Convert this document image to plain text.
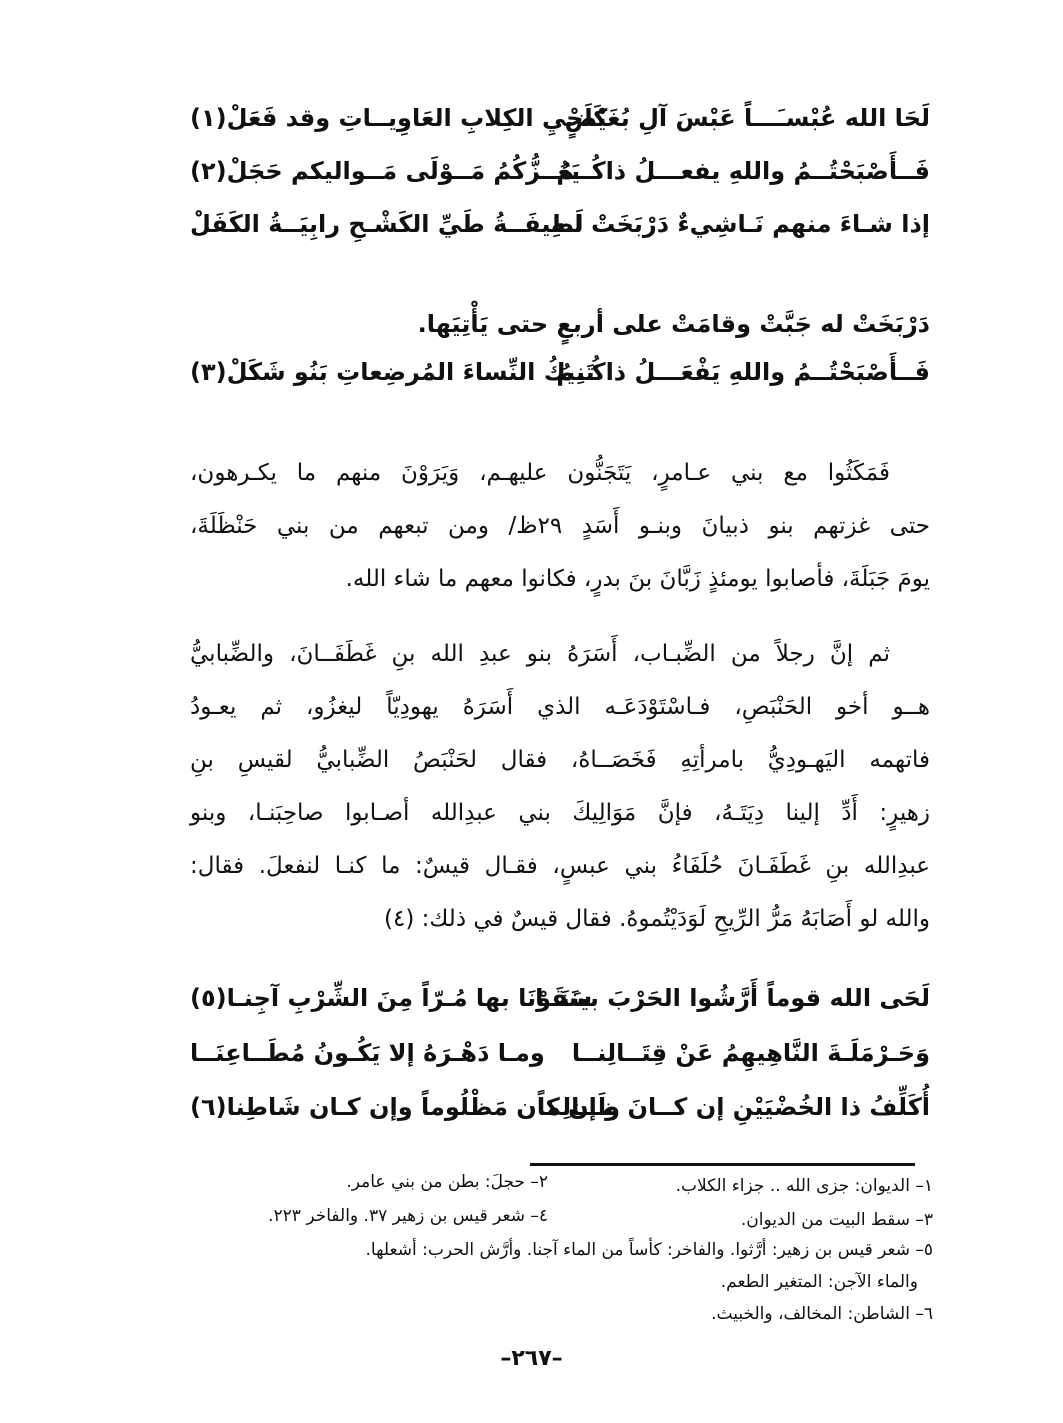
لَحَا الله عُبْسـَـــاً عَبْسَ آلِ بُغَيْضٍ
كَلَحْيِ الكِلابِ العَاوِيــاتِ وقد فَعَلْ(١)
فَــأَصْبَحْتُــمُ واللهِ يفعـــلُ ذاكُــمُ
يَعُــزُّكُمُ مَــوْلَى مَــواليكم حَجَلْ(٢)
إذا شـاءَ منهم نَـاشِيءٌ دَرْبَخَتْ لـه
لَطِيفَــةُ طَيِّ الكَشْـحِ رابِيَــةُ الكَفَلْ
دَرْبَخَتْ له جَبَّتْ وقامَتْ على أربعٍ حتى يَأْتِيَها.
فَــأَصْبَحْتُــمُ واللهِ يَفْعَـــلُ ذاكُــمُ
تَنِيكُ النِّساءَ المُرضِعاتِ بَنُو شَكَلْ(٣)
فَمَكَثُوا مع بني عـامرٍ، يَتَجَنُّون عليهـم، وَيَرَوْنَ منهم ما يكـرهون،
حتى غزتهم بنو ذبيانَ وبنـو أَسَدٍ ٢٩ظ/ ومن تبعهم من بني حَنْظَلَةَ،
يومَ جَبَلَةَ، فأصابوا يومئذٍ زَبَّانَ بنَ بدرٍ، فكانوا معهم ما شاء الله.
ثم إنَّ رجلاً من الضِّبـاب، أَسَرَهُ بنو عبدِ الله بنِ غَطَفَــانَ، والضِّبابيُّ
هــو أخو الحَنْبَصِ، فـاسْتَوْدَعَـه الذي أَسَرَهُ يهودِيّاً ليغزُو، ثم يعـودُ
فاتهمه اليَهـودِيُّ بامرأتِهِ فَخَصَــاهُ، فقال لحَنْبَصُ الضِّبابيُّ لقيسِ بنِ
زهيرٍ: أَدِّ إلينا دِيَتَـهُ، فإنَّ مَوَالِيكَ بني عبدِالله أصـابوا صاحِبَنـا، وبنو
عبدِالله بنِ غَطَفَـانَ حُلَفَاءُ بني عبسٍ، فقـال قيسٌ: ما كنـا لنفعلَ. فقال:
والله لو أَصَابَهُ مَرُّ الرِّيحِ لَوَدَيْتُموهُ. فقال قيسٌ في ذلك: (٤)
لَحَى الله قوماً أَرَّشُوا الحَرْبَ بينَنَــا
سَقَوْنَا بها مُـرّاً مِنَ الشِّرْبِ آجِنـا(٥)
وَحَـرْمَلَـةَ النَّاهِيهِمُ عَنْ قِتَــالِنــا
ومـا دَهْـرَهُ إلا يَكُـونُ مُطَــاعِنَــا
أُكَلِّفُ ذا الخُضْيَيْنِ إن كــانَ ظَــالِماً
و إن كان مَظْلُوماً وإن كـان شَاطِنا(٦)
١– الديوان: جزى الله .. جزاء الكلاب.
٢– حجلَ: بطن من بني عامر.
٣– سقط البيت من الديوان.
٤– شعر قيس بن زهير ٣٧. والفاخر ٢٢٣.
٥– شعر قيس بن زهير: أرَّثوا. والفاخر: كأساً من الماء آجنا. وأرَّش الحرب: أشعلها.
والماء الآجن: المتغير الطعم.
٦– الشاطن: المخالف، والخبيث.
–٢٦٧–
